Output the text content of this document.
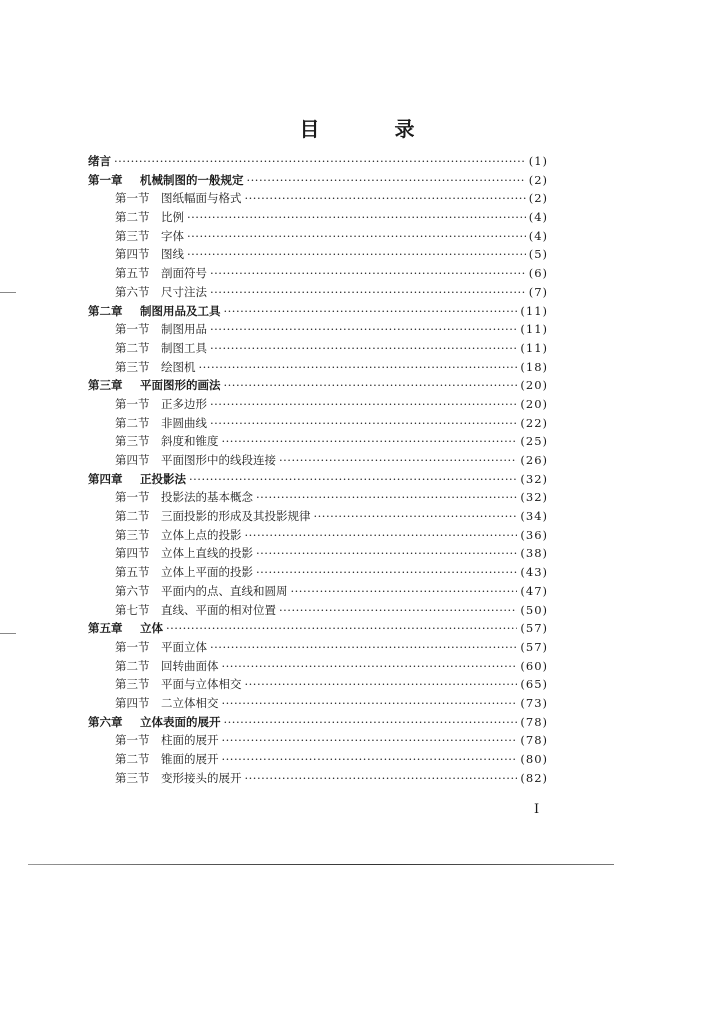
目 录
绪言 ·····	(1)
第一章	机械制图的一般规定 ·····	(2)
第一节	图纸幅面与格式 ·····	(2)
第二节	比例 ·····	(4)
第三节	字体 ·····	(4)
第四节	图线 ·····	(5)
第五节	剖面符号 ·····	(6)
第六节	尺寸注法 ·····	(7)
第二章	制图用品及工具 ·····	(11)
第一节	制图用品 ·····	(11)
第二节	制图工具 ·····	(11)
第三节	绘图机 ·····	(18)
第三章	平面图形的画法 ·····	(20)
第一节	正多边形 ·····	(20)
第二节	非圆曲线 ·····	(22)
第三节	斜度和锥度 ·····	(25)
第四节	平面图形中的线段连接 ·····	(26)
第四章	正投影法 ·····	(32)
第一节	投影法的基本概念 ·····	(32)
第二节	三面投影的形成及其投影规律 ·····	(34)
第三节	立体上点的投影 ·····	(36)
第四节	立体上直线的投影 ·····	(38)
第五节	立体上平面的投影 ·····	(43)
第六节	平面内的点、直线和圆周 ·····	(47)
第七节	直线、平面的相对位置 ·····	(50)
第五章	立体 ·····	(57)
第一节	平面立体 ·····	(57)
第二节	回转曲面体 ·····	(60)
第三节	平面与立体相交 ·····	(65)
第四节	二立体相交 ·····	(73)
第六章	立体表面的展开 ·····	(78)
第一节	柱面的展开 ·····	(78)
第二节	锥面的展开 ·····	(80)
第三节	变形接头的展开 ·····	(82)
I
